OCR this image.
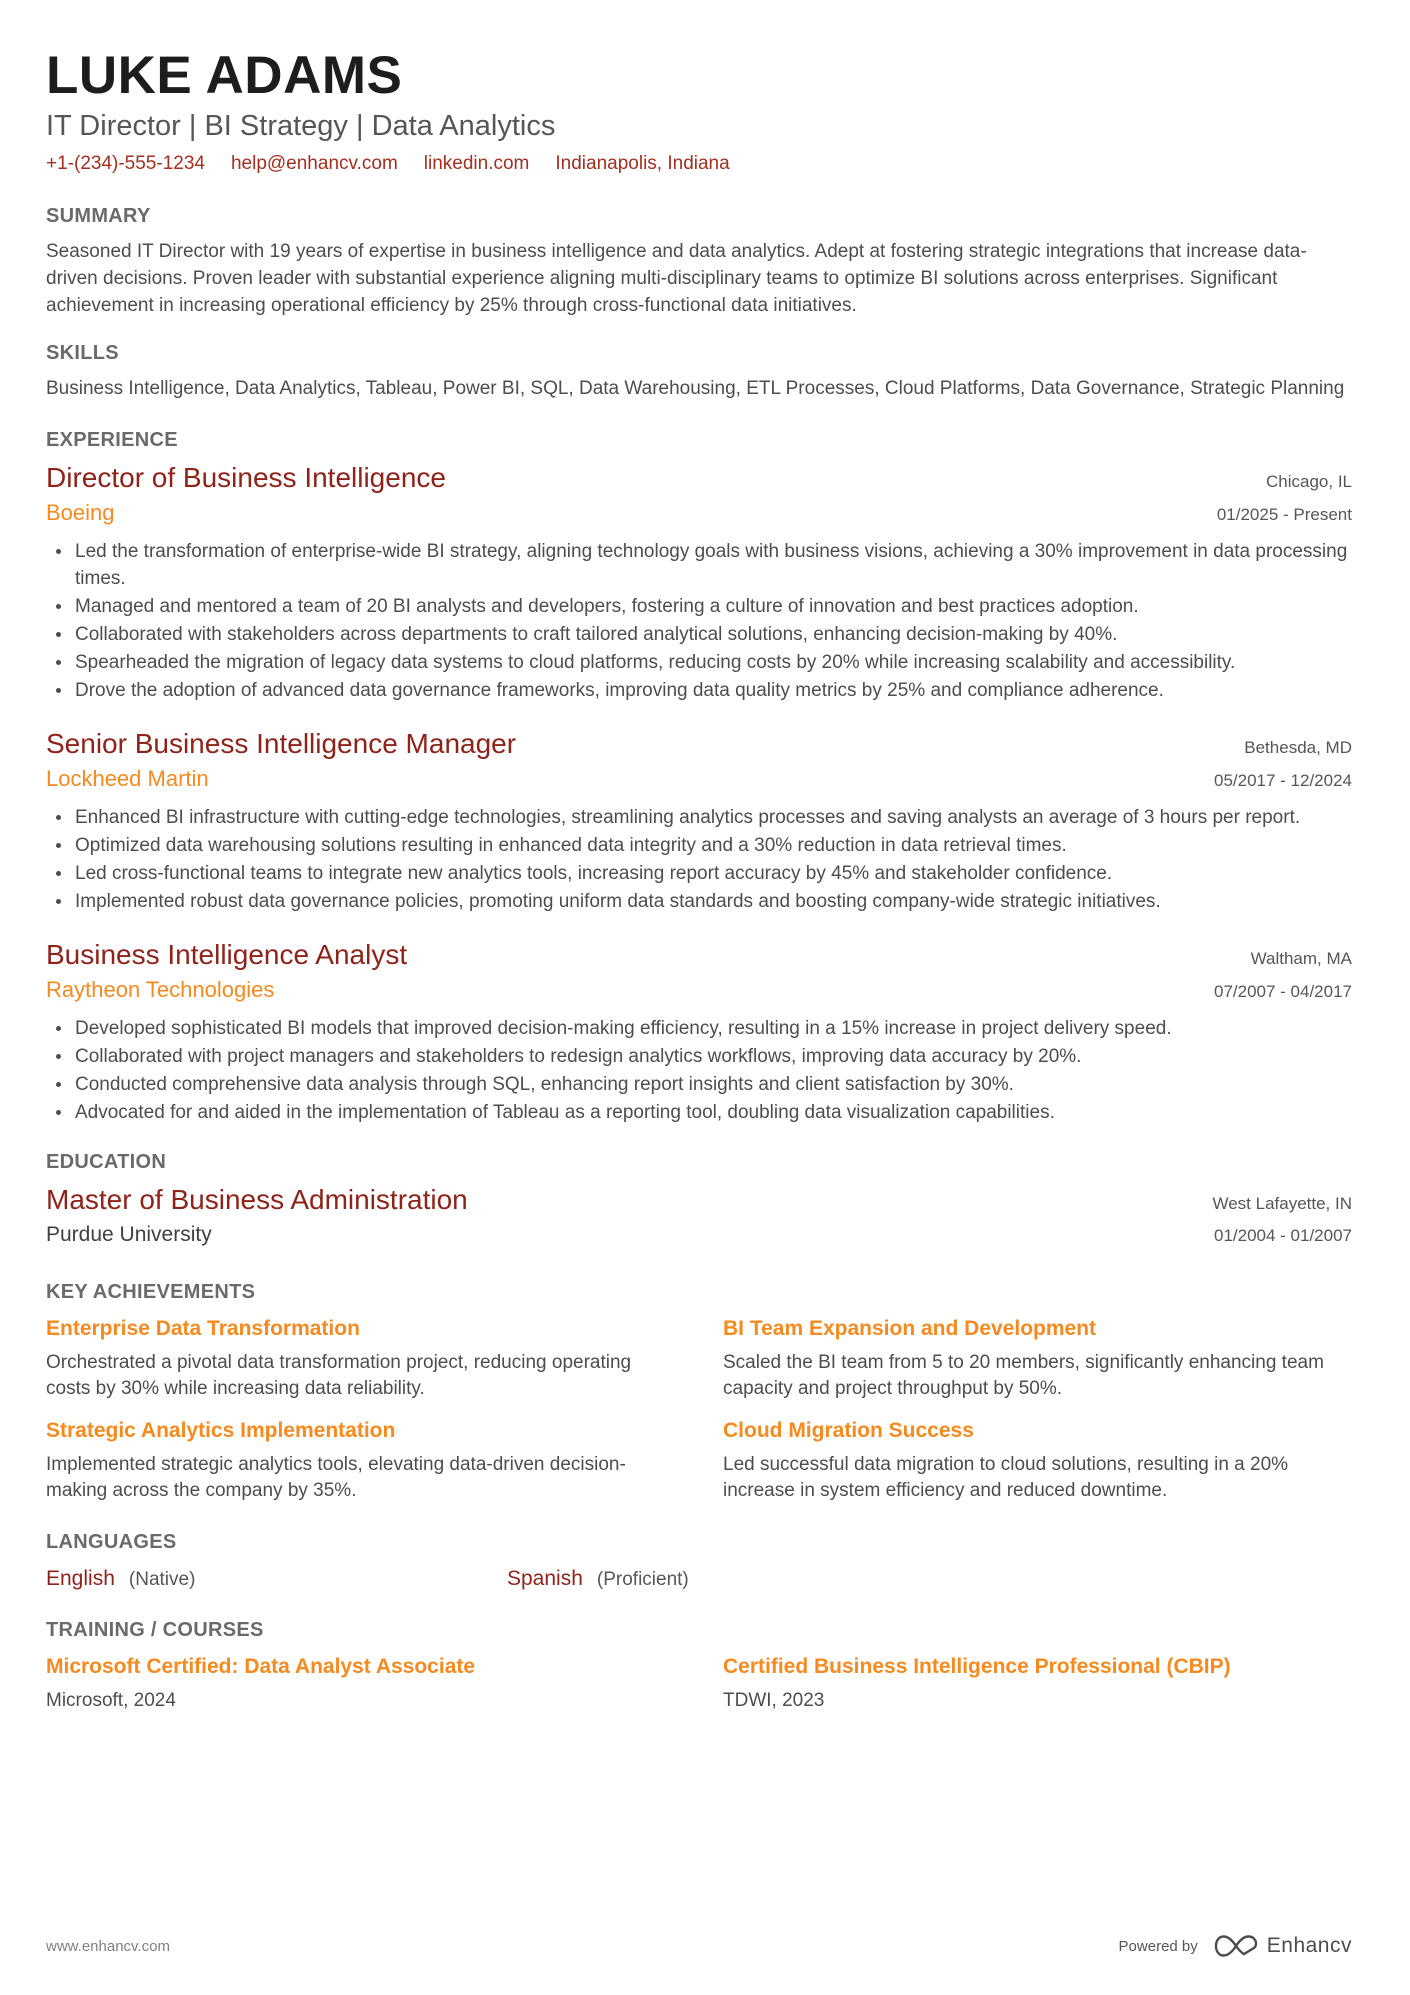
LUKE ADAMS
IT Director | BI Strategy | Data Analytics
+1-(234)-555-1234 help@enhancv.com linkedin.com Indianapolis, Indiana
SUMMARY
Seasoned IT Director with 19 years of expertise in business intelligence and data analytics. Adept at fostering strategic integrations that increase data-driven decisions. Proven leader with substantial experience aligning multi-disciplinary teams to optimize BI solutions across enterprises. Significant achievement in increasing operational efficiency by 25% through cross-functional data initiatives.
SKILLS
Business Intelligence, Data Analytics, Tableau, Power BI, SQL, Data Warehousing, ETL Processes, Cloud Platforms, Data Governance, Strategic Planning
EXPERIENCE
Director of Business Intelligence	Chicago, IL
Boeing	01/2025 - Present
Led the transformation of enterprise-wide BI strategy, aligning technology goals with business visions, achieving a 30% improvement in data processing times.
Managed and mentored a team of 20 BI analysts and developers, fostering a culture of innovation and best practices adoption.
Collaborated with stakeholders across departments to craft tailored analytical solutions, enhancing decision-making by 40%.
Spearheaded the migration of legacy data systems to cloud platforms, reducing costs by 20% while increasing scalability and accessibility.
Drove the adoption of advanced data governance frameworks, improving data quality metrics by 25% and compliance adherence.
Senior Business Intelligence Manager	Bethesda, MD
Lockheed Martin	05/2017 - 12/2024
Enhanced BI infrastructure with cutting-edge technologies, streamlining analytics processes and saving analysts an average of 3 hours per report.
Optimized data warehousing solutions resulting in enhanced data integrity and a 30% reduction in data retrieval times.
Led cross-functional teams to integrate new analytics tools, increasing report accuracy by 45% and stakeholder confidence.
Implemented robust data governance policies, promoting uniform data standards and boosting company-wide strategic initiatives.
Business Intelligence Analyst	Waltham, MA
Raytheon Technologies	07/2007 - 04/2017
Developed sophisticated BI models that improved decision-making efficiency, resulting in a 15% increase in project delivery speed.
Collaborated with project managers and stakeholders to redesign analytics workflows, improving data accuracy by 20%.
Conducted comprehensive data analysis through SQL, enhancing report insights and client satisfaction by 30%.
Advocated for and aided in the implementation of Tableau as a reporting tool, doubling data visualization capabilities.
EDUCATION
Master of Business Administration	West Lafayette, IN
Purdue University	01/2004 - 01/2007
KEY ACHIEVEMENTS
Enterprise Data Transformation
Orchestrated a pivotal data transformation project, reducing operating costs by 30% while increasing data reliability.
BI Team Expansion and Development
Scaled the BI team from 5 to 20 members, significantly enhancing team capacity and project throughput by 50%.
Strategic Analytics Implementation
Implemented strategic analytics tools, elevating data-driven decision-making across the company by 35%.
Cloud Migration Success
Led successful data migration to cloud solutions, resulting in a 20% increase in system efficiency and reduced downtime.
LANGUAGES
English (Native)	Spanish (Proficient)
TRAINING / COURSES
Microsoft Certified: Data Analyst Associate
Microsoft, 2024
Certified Business Intelligence Professional (CBIP)
TDWI, 2023
www.enhancv.com	Powered by	Enhancv
